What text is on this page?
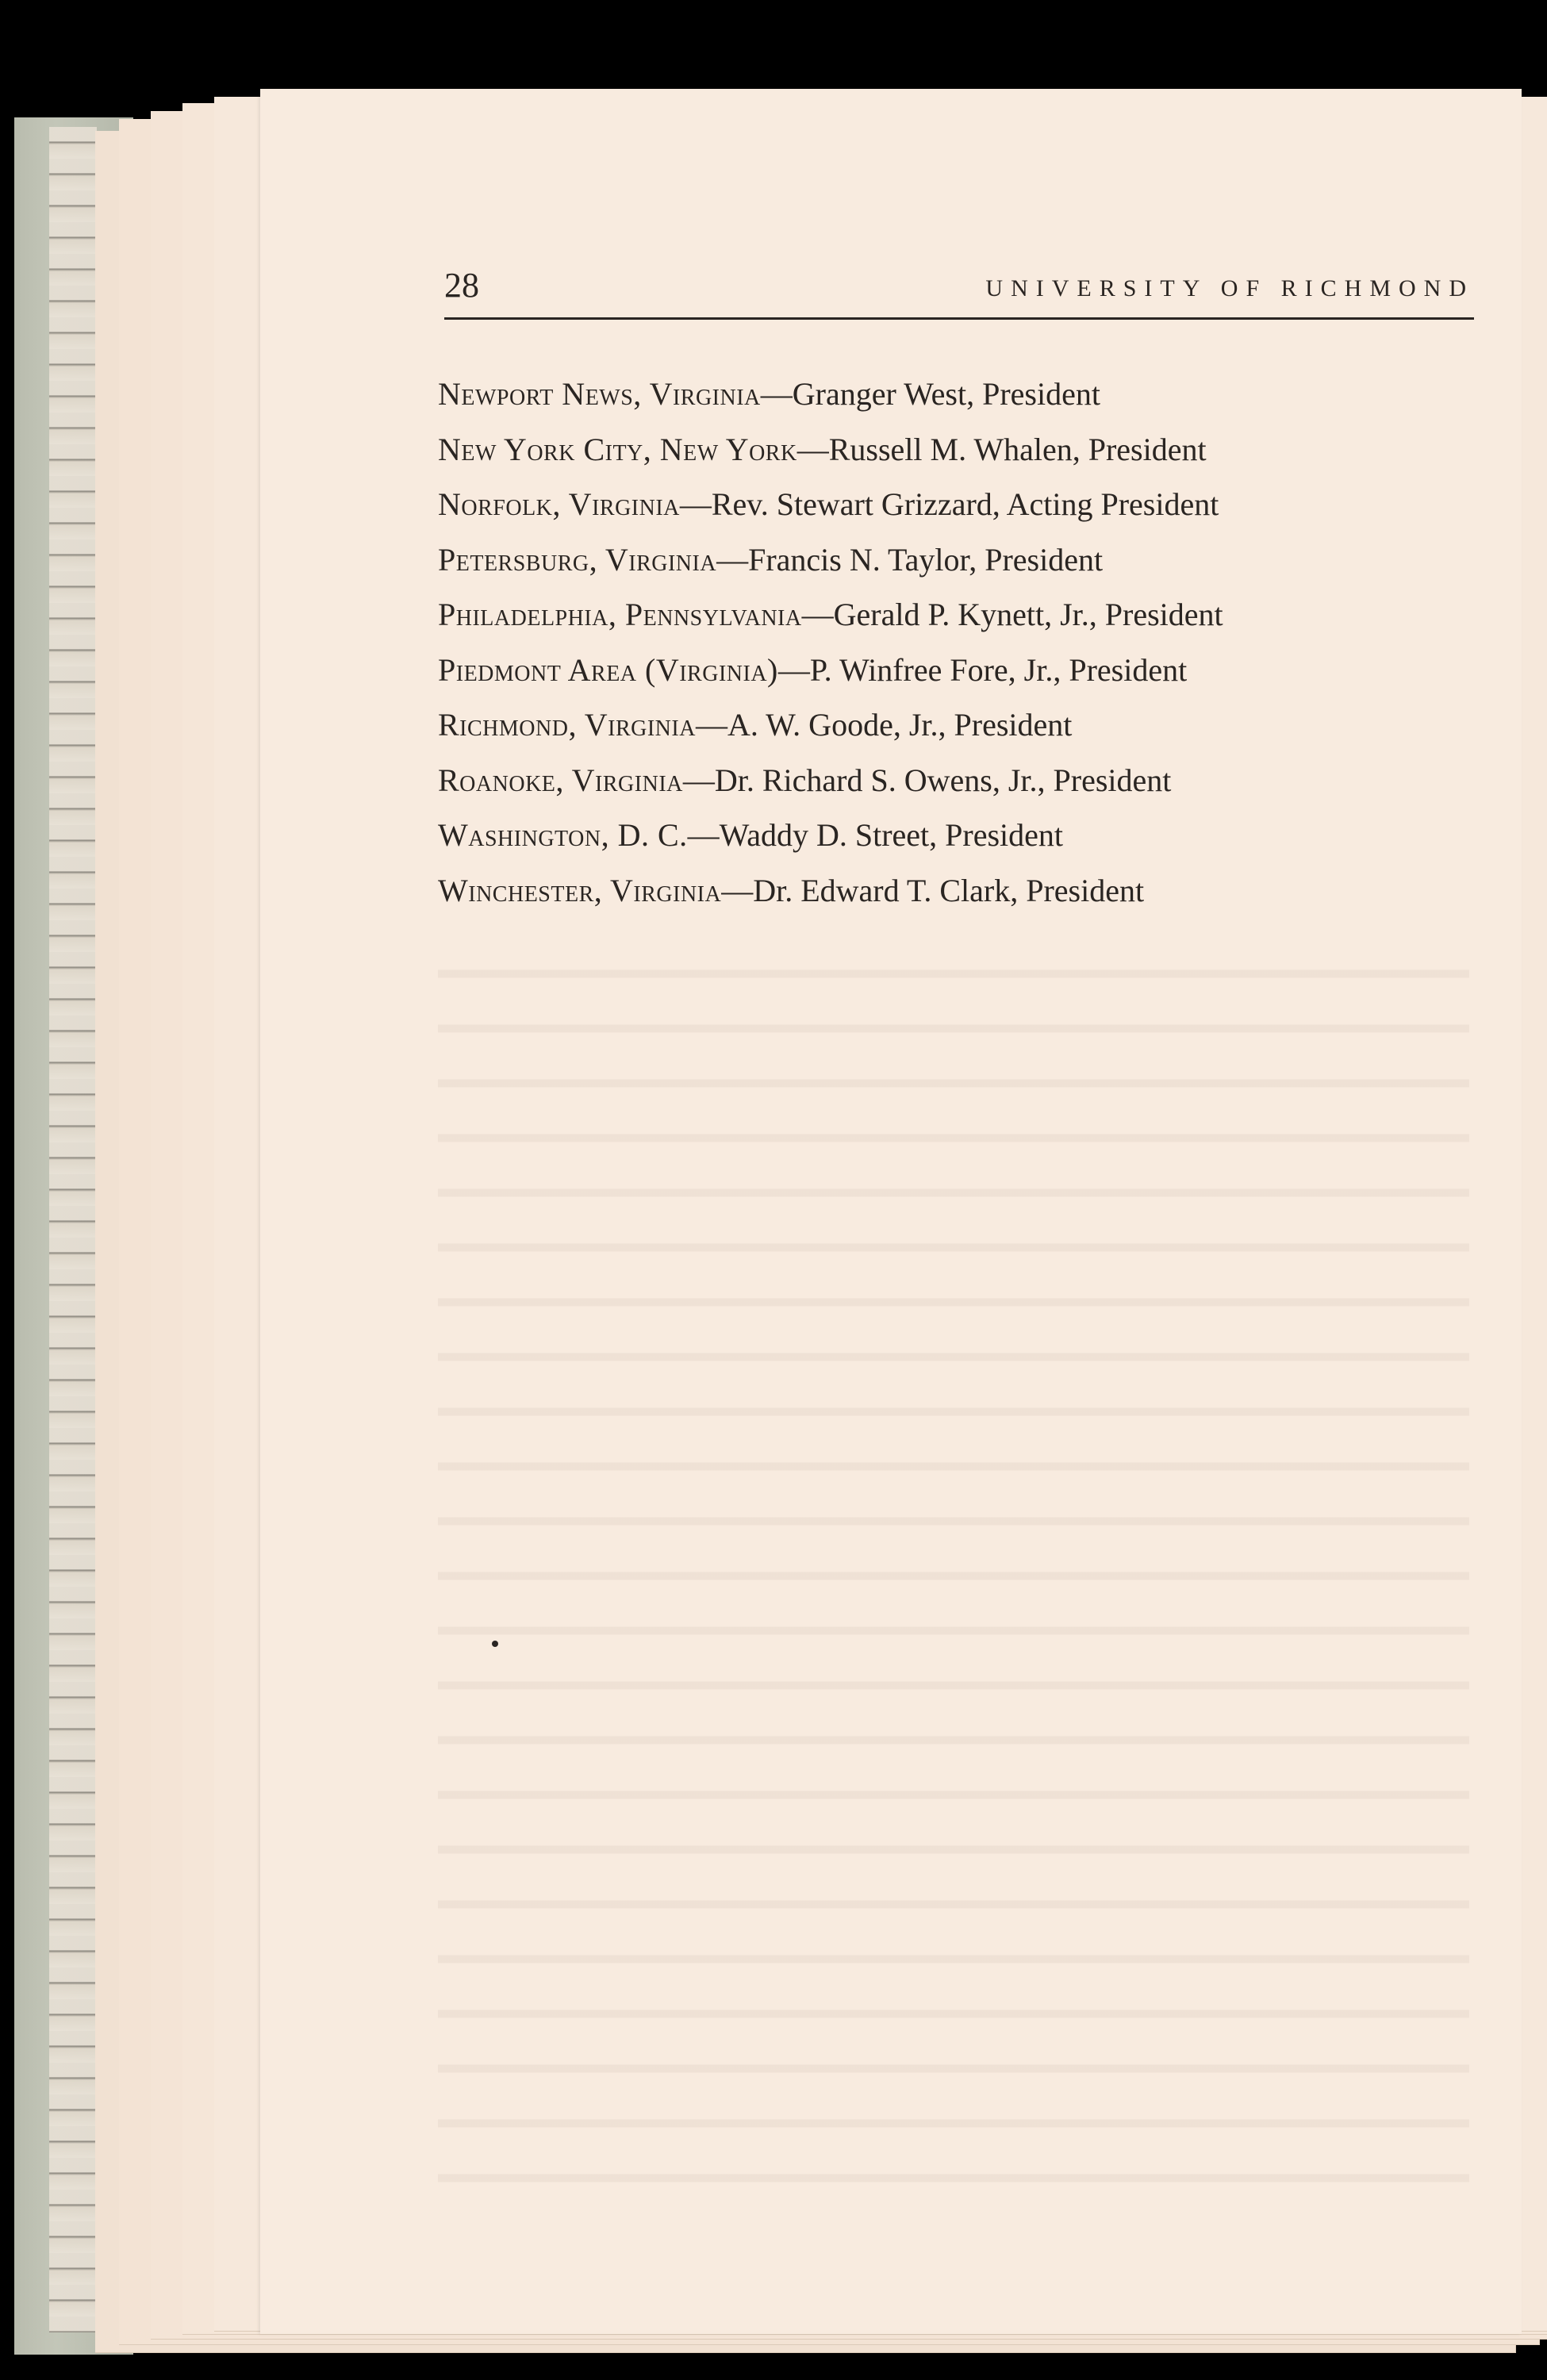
28	UNIVERSITY OF RICHMOND
Newport News, Virginia—Granger West, President
New York City, New York—Russell M. Whalen, President
Norfolk, Virginia—Rev. Stewart Grizzard, Acting President
Petersburg, Virginia—Francis N. Taylor, President
Philadelphia, Pennsylvania—Gerald P. Kynett, Jr., President
Piedmont Area (Virginia)—P. Winfree Fore, Jr., President
Richmond, Virginia—A. W. Goode, Jr., President
Roanoke, Virginia—Dr. Richard S. Owens, Jr., President
Washington, D. C.—Waddy D. Street, President
Winchester, Virginia—Dr. Edward T. Clark, President
